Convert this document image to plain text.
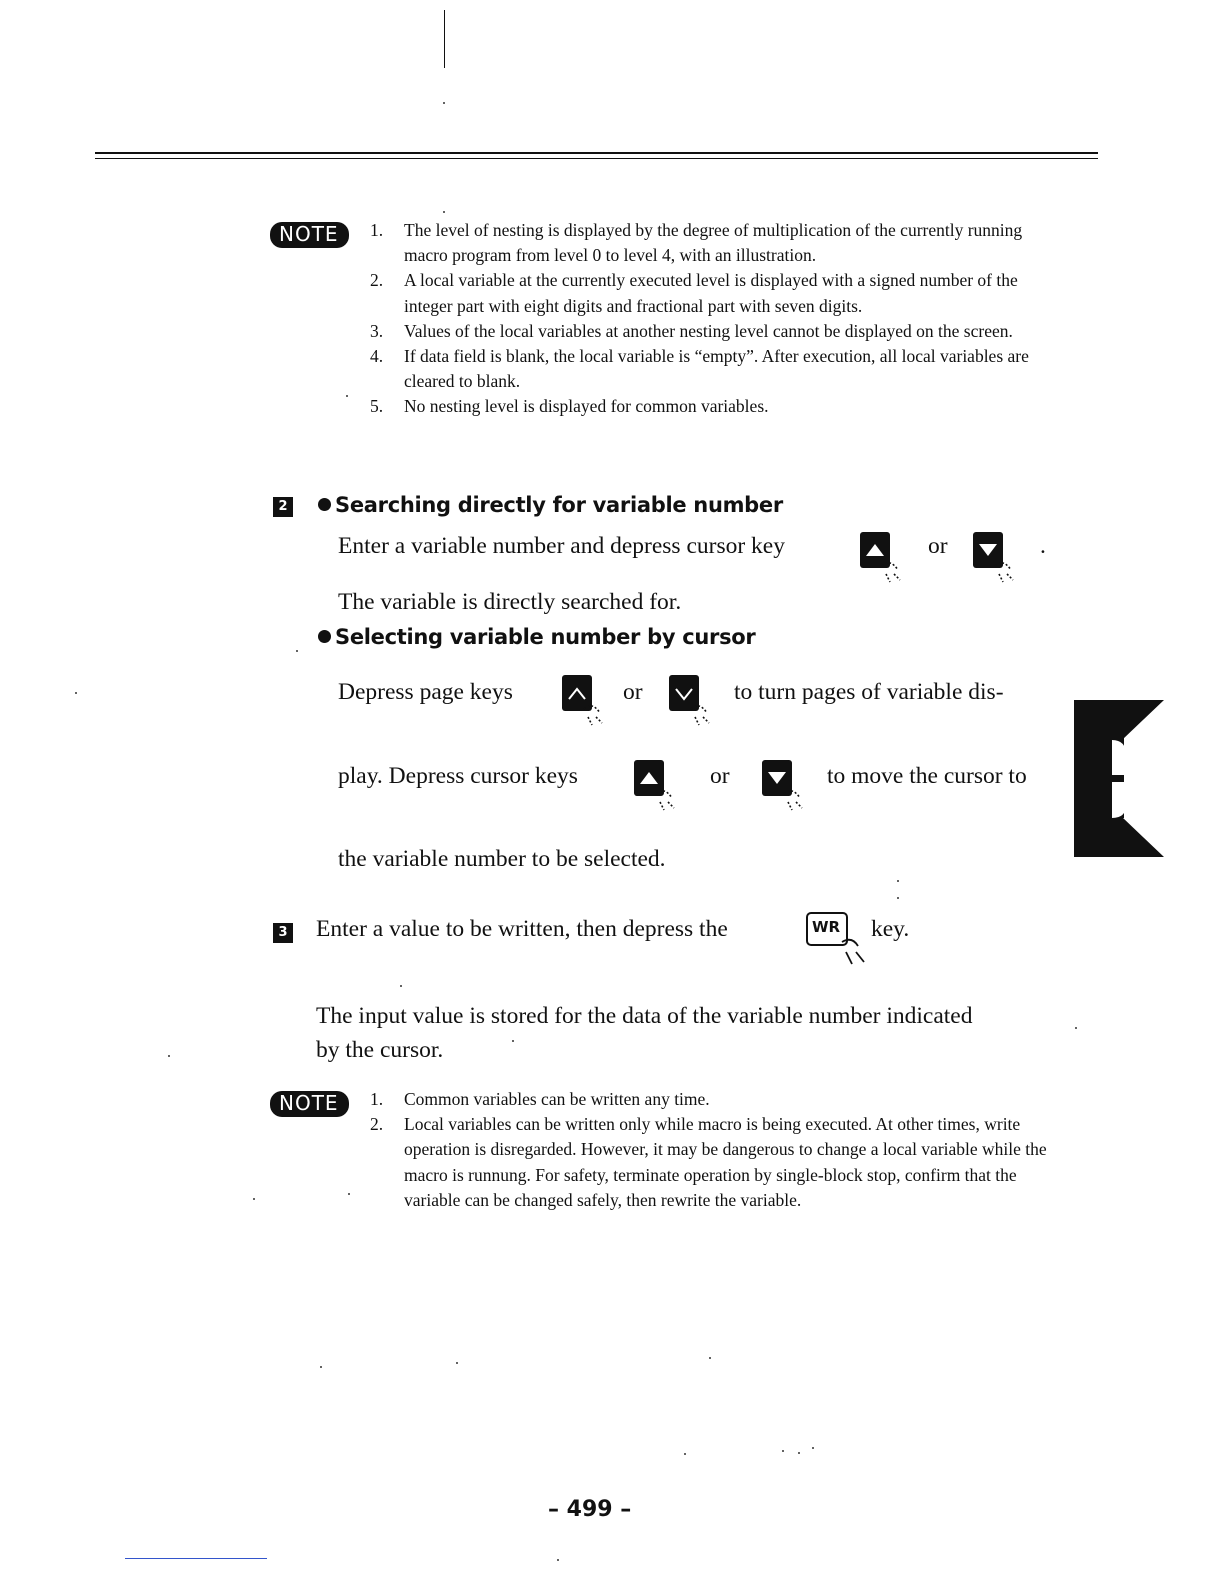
NOTE	1. The level of nesting is displayed by the degree of multiplication of the currently running macro program from level 0 to level 4, with an illustration.

2. A local variable at the currently executed level is displayed with a signed number of the integer part with eight digits and fractional part with seven digits.

3. Values of the local variables at another nesting level cannot be displayed on the screen.

4. If data field is blank, the local variable is “empty”. After execution, all local variables are cleared to blank.

5. No nesting level is displayed for common variables.

2	Searching directly for variable number
Enter a variable number and depress cursor key	or	.
The variable is directly searched for.
Selecting variable number by cursor
Depress page keys	or	to turn pages of variable dis-
play. Depress cursor keys	or	to move the cursor to
the variable number to be selected.
3 Enter a value to be written, then depress the	WR key.
The input value is stored for the data of the variable number indicated
by the cursor.
NOTE	1. Common variables can be written any time.

2. Local variables can be written only while macro is being executed. At other times, write operation is disregarded. However, it may be dangerous to change a local variable while the macro is runnung. For safety, terminate operation by single-block stop, confirm that the variable can be changed safely, then rewrite the variable.

– 499 –
